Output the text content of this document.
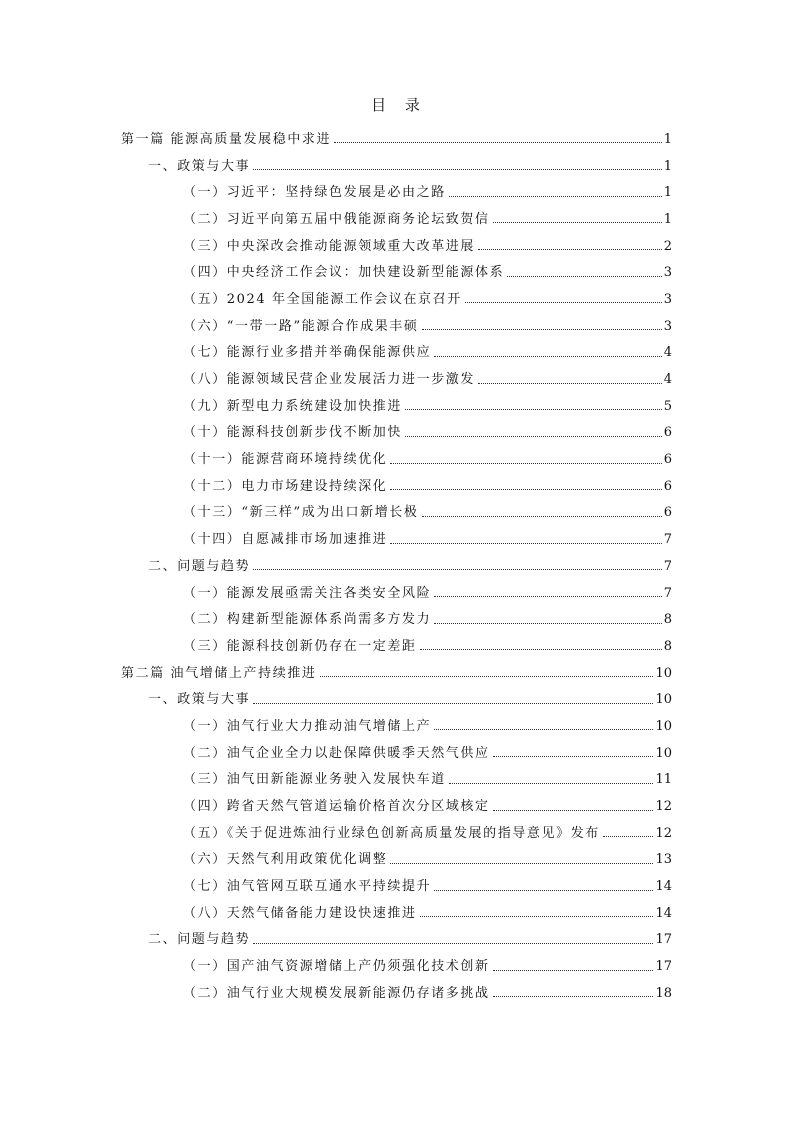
目 录
第一篇 能源高质量发展稳中求进	1
一、政策与大事	1
（一）习近平：坚持绿色发展是必由之路	1
（二）习近平向第五届中俄能源商务论坛致贺信	1
（三）中央深改会推动能源领域重大改革进展	2
（四）中央经济工作会议：加快建设新型能源体系	3
（五）2024 年全国能源工作会议在京召开	3
（六）“一带一路”能源合作成果丰硕	3
（七）能源行业多措并举确保能源供应	4
（八）能源领域民营企业发展活力进一步激发	4
（九）新型电力系统建设加快推进	5
（十）能源科技创新步伐不断加快	6
（十一）能源营商环境持续优化	6
（十二）电力市场建设持续深化	6
（十三）“新三样”成为出口新增长极	6
（十四）自愿减排市场加速推进	7
二、问题与趋势	7
（一）能源发展亟需关注各类安全风险	7
（二）构建新型能源体系尚需多方发力	8
（三）能源科技创新仍存在一定差距	8
第二篇 油气增储上产持续推进	10
一、政策与大事	10
（一）油气行业大力推动油气增储上产	10
（二）油气企业全力以赴保障供暖季天然气供应	10
（三）油气田新能源业务驶入发展快车道	11
（四）跨省天然气管道运输价格首次分区域核定	12
（五）《关于促进炼油行业绿色创新高质量发展的指导意见》发布	12
（六）天然气利用政策优化调整	13
（七）油气管网互联互通水平持续提升	14
（八）天然气储备能力建设快速推进	14
二、问题与趋势	17
（一）国产油气资源增储上产仍须强化技术创新	17
（二）油气行业大规模发展新能源仍存诸多挑战	18
